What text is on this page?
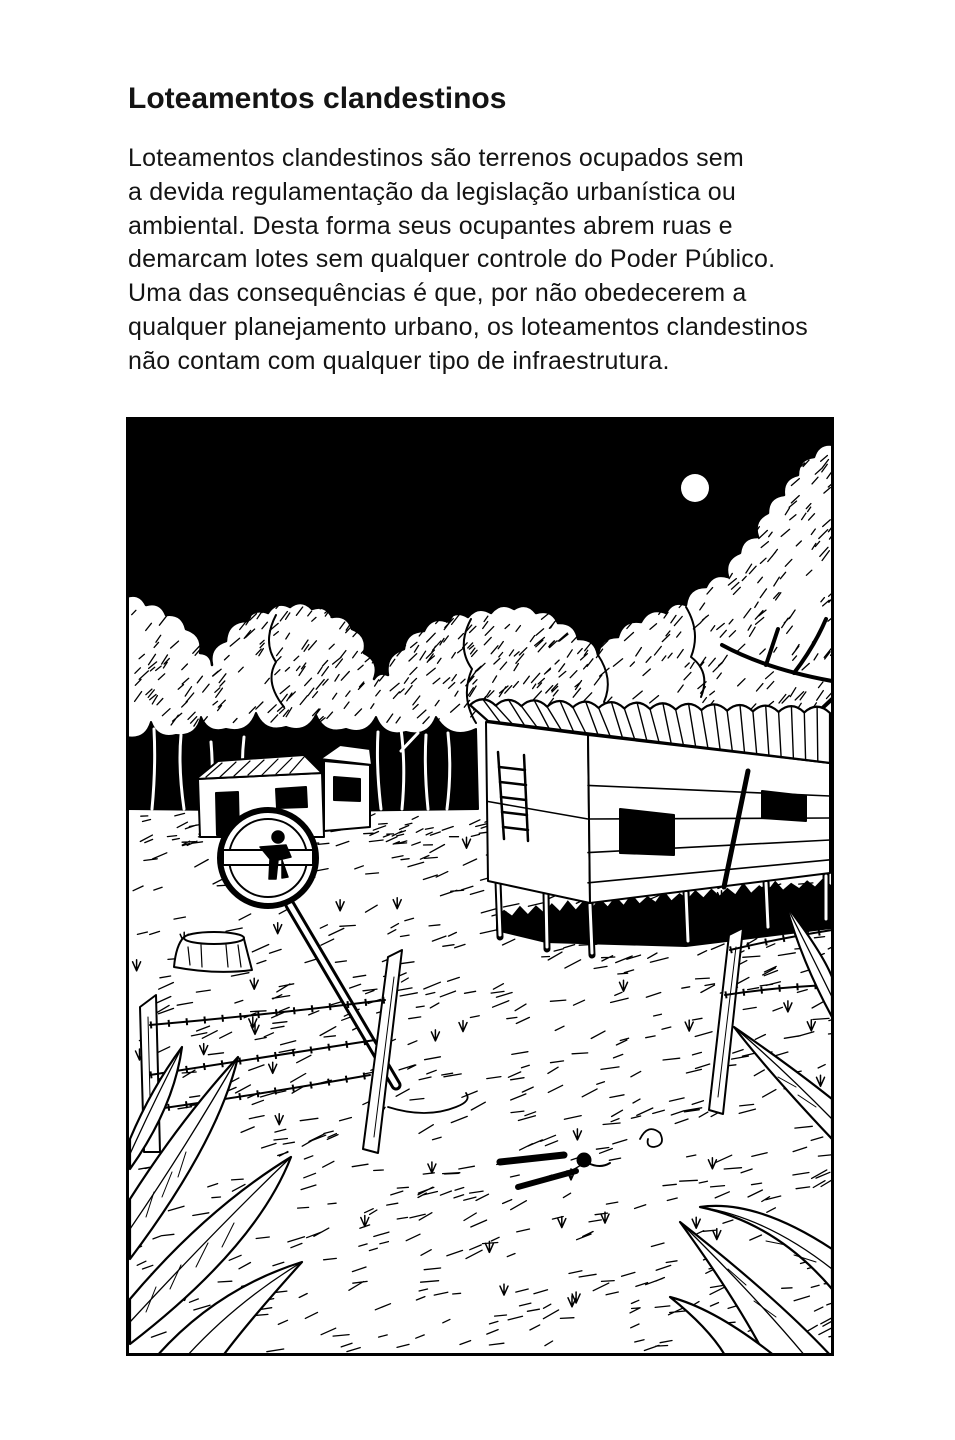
Loteamentos clandestinos
Loteamentos clandestinos são terrenos ocupados sem
a devida regulamentação da legislação urbanística ou
ambiental. Desta forma seus ocupantes abrem ruas e
demarcam lotes sem qualquer controle do Poder Público.
Uma das consequências é que, por não obedecerem a
qualquer planejamento urbano, os loteamentos clandestinos
não contam com qualquer tipo de infraestrutura.
